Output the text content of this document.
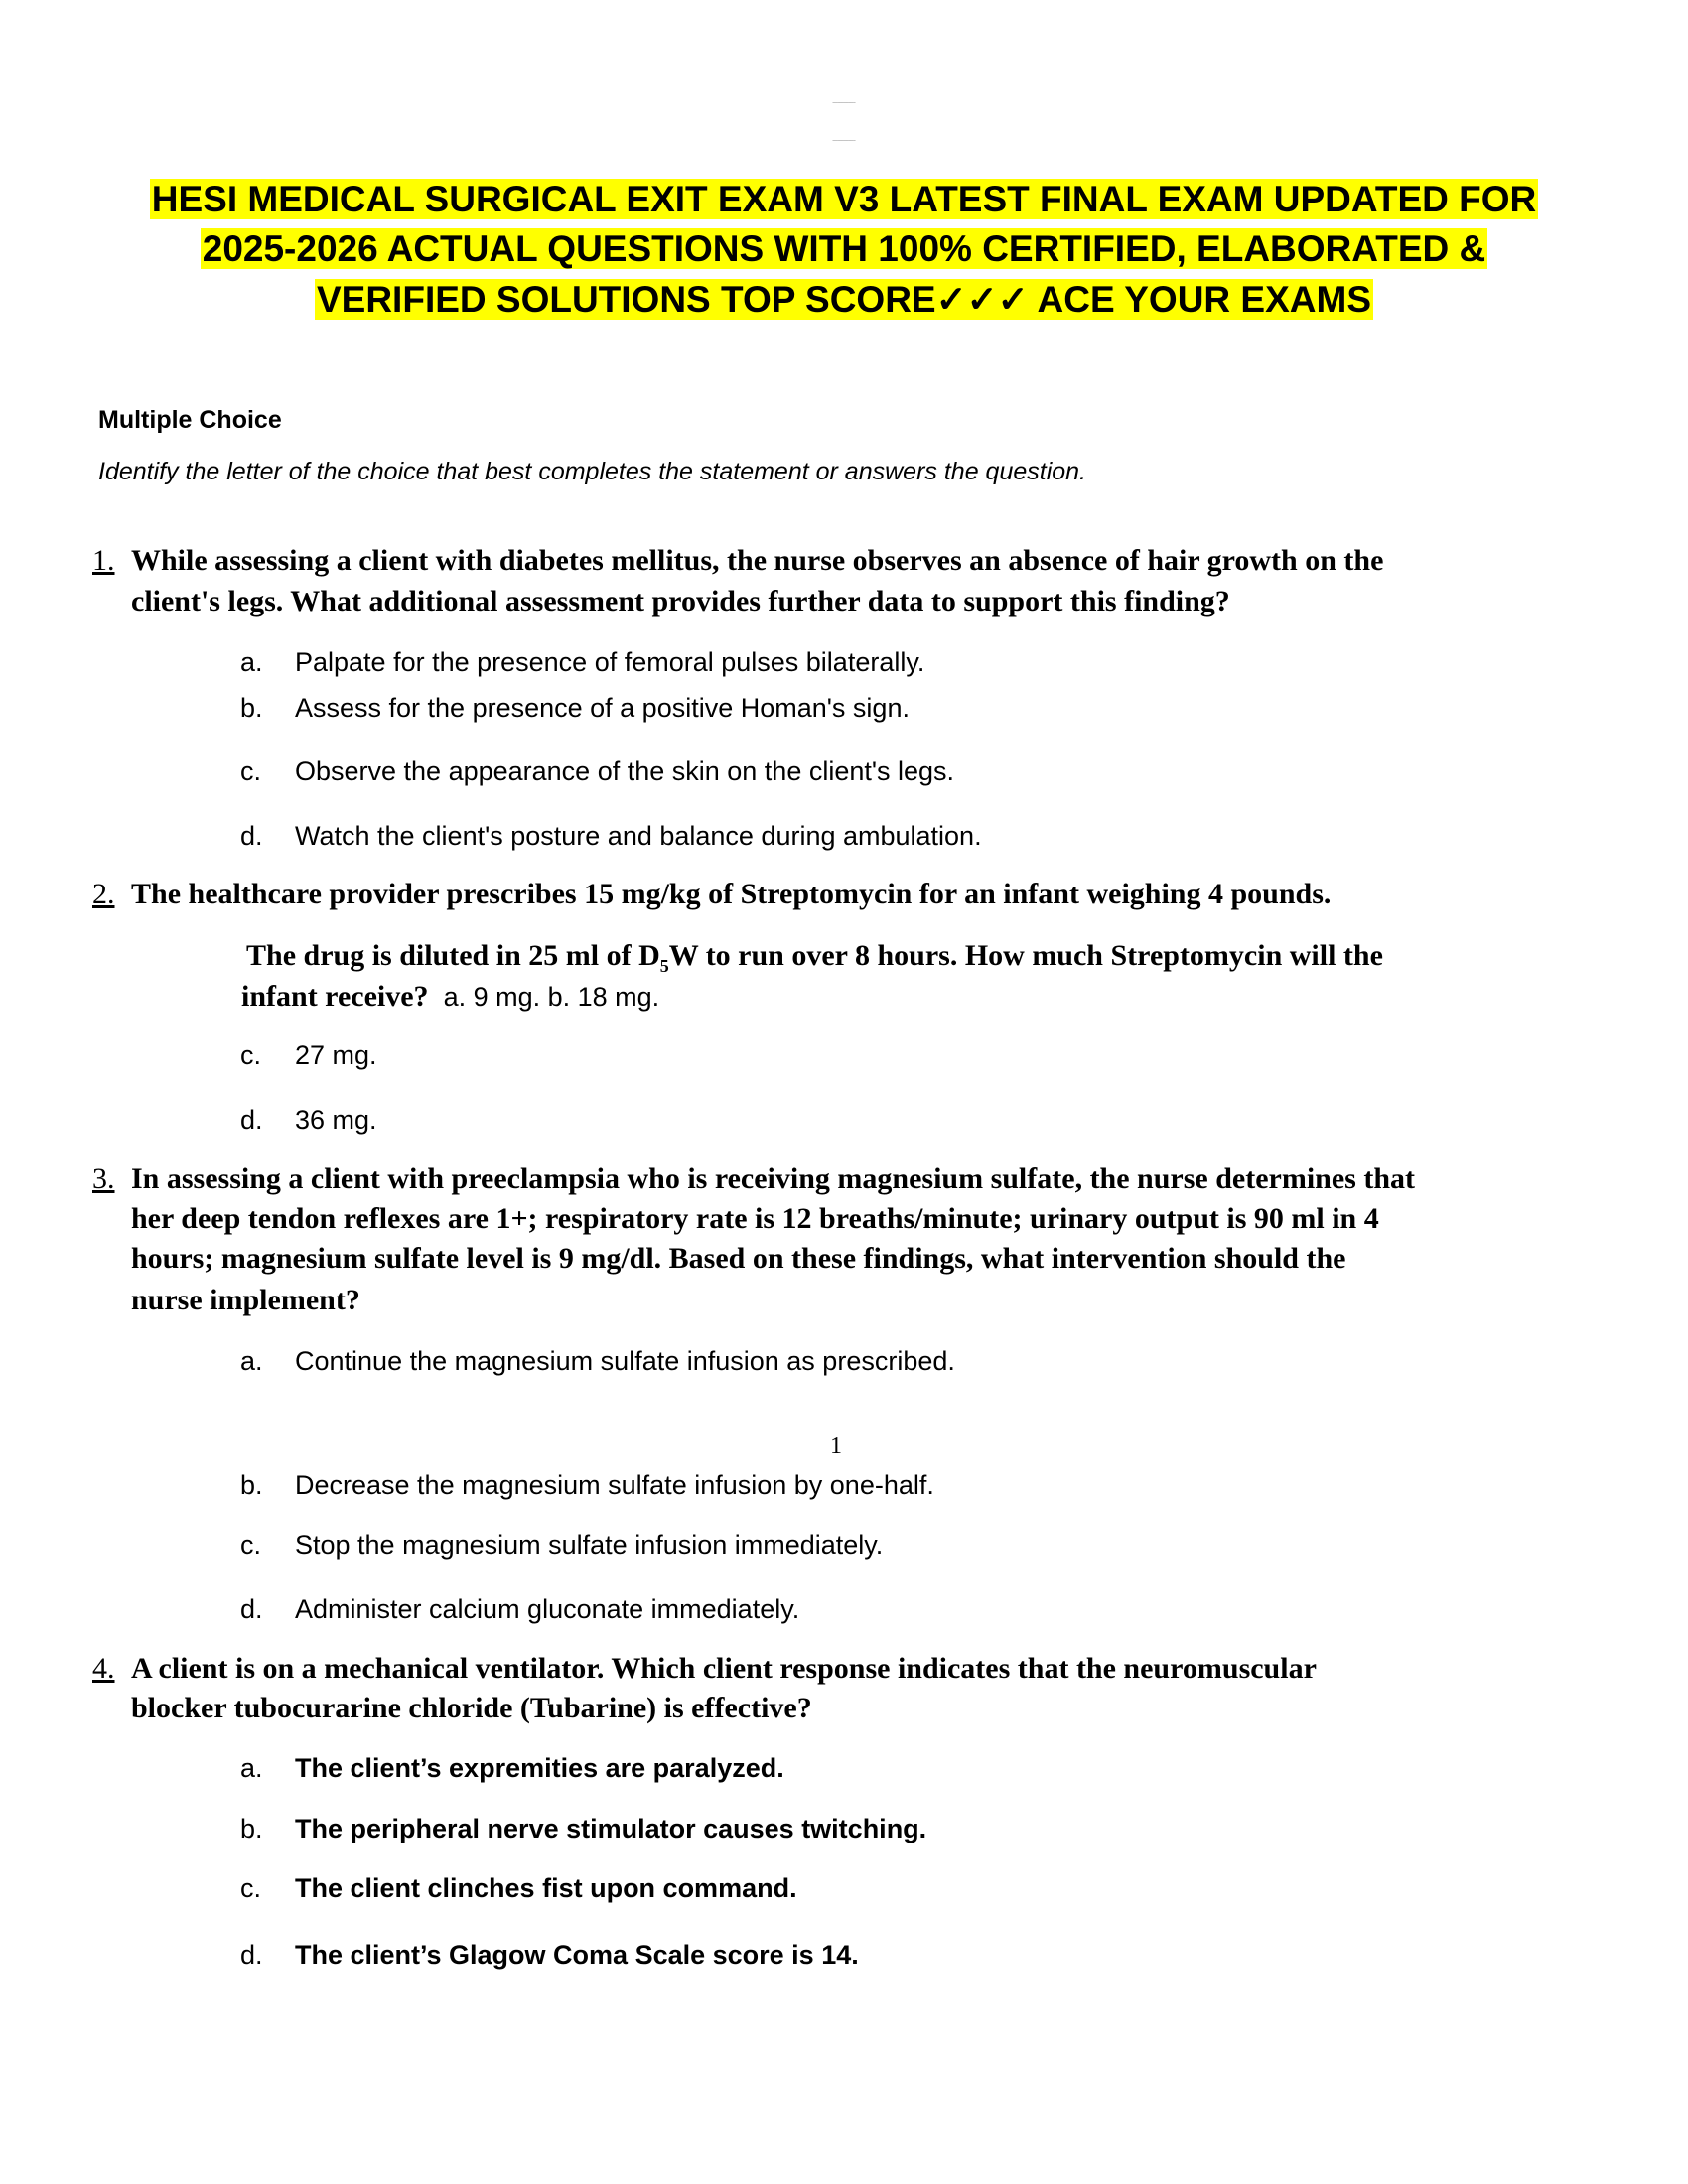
▁▁▁▁▁▁▁▁▁▁
▁▁▁▁▁▁▁▁▁▁
HESI MEDICAL SURGICAL EXIT EXAM V3 LATEST FINAL EXAM UPDATED FOR
2025-2026 ACTUAL QUESTIONS WITH 100% CERTIFIED, ELABORATED &
VERIFIED SOLUTIONS TOP SCORE✓✓✓ ACE YOUR EXAMS
Multiple Choice
Identify the letter of the choice that best completes the statement or answers the question.
1. While assessing a client with diabetes mellitus, the nurse observes an absence of hair growth on the
client's legs. What additional assessment provides further data to support this finding?
a. Palpate for the presence of femoral pulses bilaterally.
b. Assess for the presence of a positive Homan's sign.
c. Observe the appearance of the skin on the client's legs.
d. Watch the client's posture and balance during ambulation.
2. The healthcare provider prescribes 15 mg/kg of Streptomycin for an infant weighing 4 pounds.
The drug is diluted in 25 ml of $D_5W$ to run over 8 hours. How much Streptomycin will the
infant receive? a. 9 mg. b. 18 mg.
c. 27 mg.
d. 36 mg.
3. In assessing a client with preeclampsia who is receiving magnesium sulfate, the nurse determines that
her deep tendon reflexes are 1+; respiratory rate is 12 breaths/minute; urinary output is 90 ml in 4
hours; magnesium sulfate level is 9 mg/dl. Based on these findings, what intervention should the
nurse implement?
a. Continue the magnesium sulfate infusion as prescribed.
1
b. Decrease the magnesium sulfate infusion by one-half.
c. Stop the magnesium sulfate infusion immediately.
d. Administer calcium gluconate immediately.
4. A client is on a mechanical ventilator. Which client response indicates that the neuromuscular
blocker tubocurarine chloride (Tubarine) is effective?
a. The client’s expremities are paralyzed.
b. The peripheral nerve stimulator causes twitching.
c. The client clinches fist upon command.
d. The client’s Glagow Coma Scale score is 14.
